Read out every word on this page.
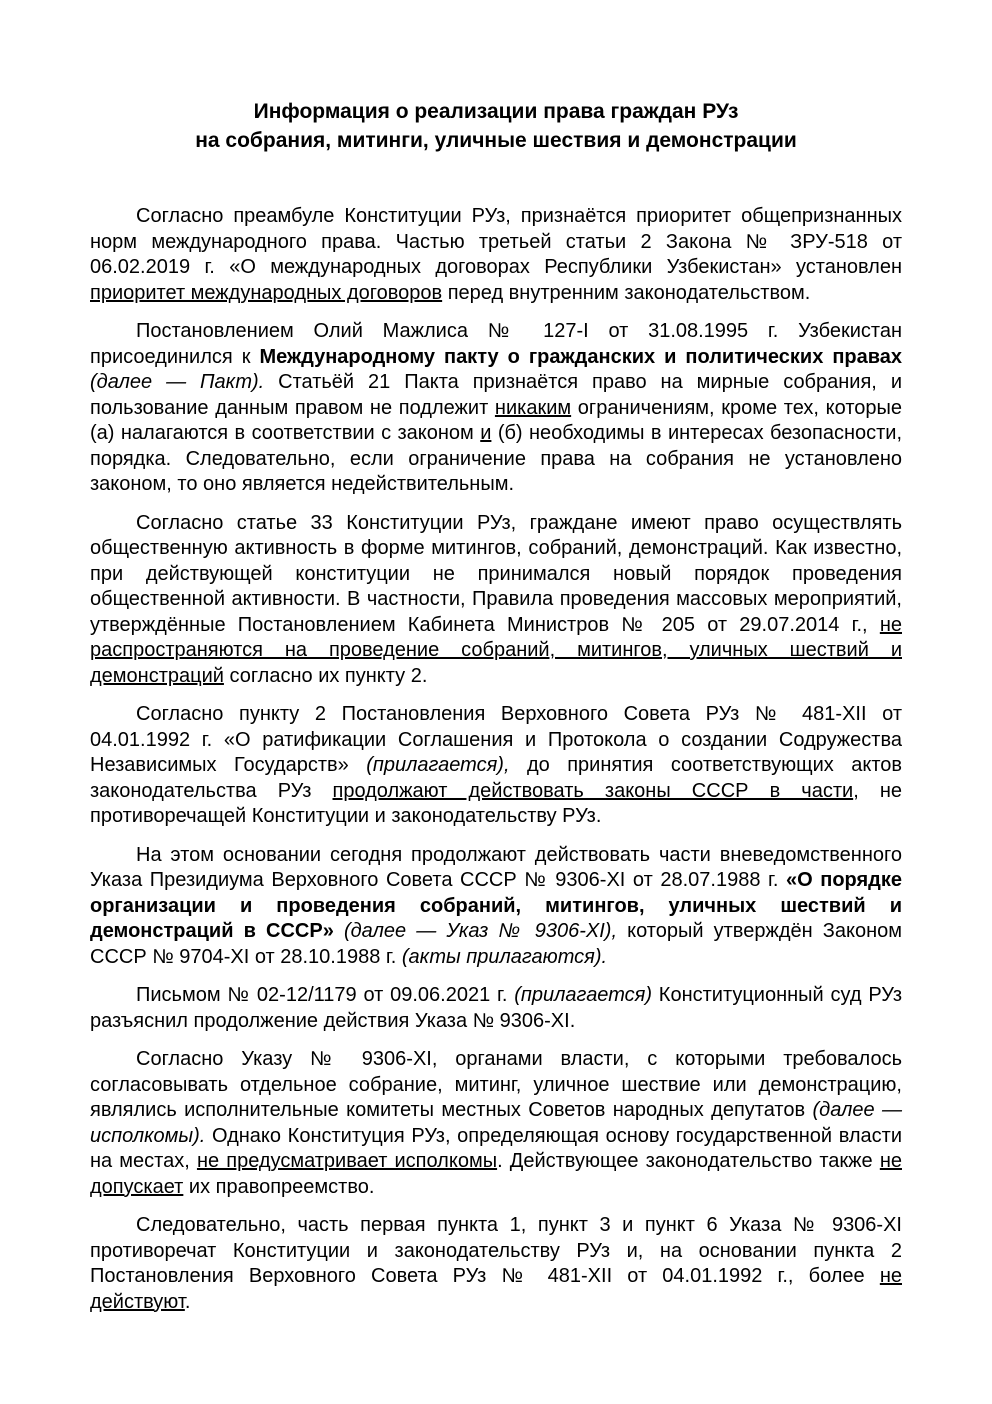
Информация о реализации права граждан РУз
на собрания, митинги, уличные шествия и демонстрации

Согласно преамбуле Конституции РУз, признаётся приоритет общепризнанных норм международного права. Частью третьей статьи 2 Закона № ЗРУ-518 от 06.02.2019 г. «О международных договорах Республики Узбекистан» установлен приоритет международных договоров перед внутренним законодательством.

Постановлением Олий Мажлиса № 127-I от 31.08.1995 г. Узбекистан присоединился к Международному пакту о гражданских и политических правах (далее — Пакт). Статьёй 21 Пакта признаётся право на мирные собрания, и пользование данным правом не подлежит никаким ограничениям, кроме тех, которые (а) налагаются в соответствии с законом и (б) необходимы в интересах безопасности, порядка. Следовательно, если ограничение права на собрания не установлено законом, то оно является недействительным.

Согласно статье 33 Конституции РУз, граждане имеют право осуществлять общественную активность в форме митингов, собраний, демонстраций. Как известно, при действующей конституции не принимался новый порядок проведения общественной активности. В частности, Правила проведения массовых мероприятий, утверждённые Постановлением Кабинета Министров № 205 от 29.07.2014 г., не распространяются на проведение собраний, митингов, уличных шествий и демонстраций согласно их пункту 2.

Согласно пункту 2 Постановления Верховного Совета РУз № 481-XII от 04.01.1992 г. «О ратификации Соглашения и Протокола о создании Содружества Независимых Государств» (прилагается), до принятия соответствующих актов законодательства РУз продолжают действовать законы СССР в части, не противоречащей Конституции и законодательству РУз.

На этом основании сегодня продолжают действовать части вневедомственного Указа Президиума Верховного Совета СССР № 9306-XI от 28.07.1988 г. «О порядке организации и проведения собраний, митингов, уличных шествий и демонстраций в СССР» (далее — Указ № 9306-XI), который утверждён Законом СССР № 9704-XI от 28.10.1988 г. (акты прилагаются).

Письмом № 02-12/1179 от 09.06.2021 г. (прилагается) Конституционный суд РУз разъяснил продолжение действия Указа № 9306-XI.

Согласно Указу № 9306-XI, органами власти, с которыми требовалось согласовывать отдельное собрание, митинг, уличное шествие или демонстрацию, являлись исполнительные комитеты местных Советов народных депутатов (далее — исполкомы). Однако Конституция РУз, определяющая основу государственной власти на местах, не предусматривает исполкомы. Действующее законодательство также не допускает их правопреемство.

Следовательно, часть первая пункта 1, пункт 3 и пункт 6 Указа № 9306-XI противоречат Конституции и законодательству РУз и, на основании пункта 2 Постановления Верховного Совета РУз № 481-XII от 04.01.1992 г., более не действуют.
